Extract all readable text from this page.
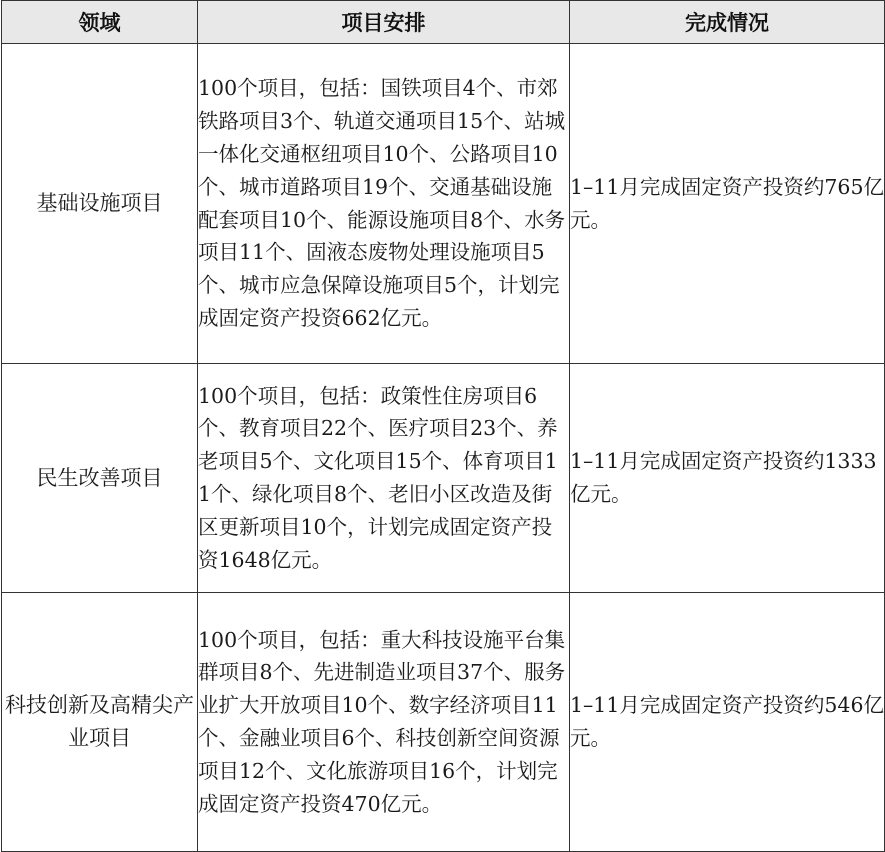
领域	项目安排	完成情况
基础设施项目	100个项目，包括：国铁项目4个、市郊铁路项目3个、轨道交通项目15个、站城一体化交通枢纽项目10个、公路项目10个、城市道路项目19个、交通基础设施配套项目10个、能源设施项目8个、水务项目11个、固液态废物处理设施项目5个、城市应急保障设施项目5个，计划完成固定资产投资662亿元。	1–11月完成固定资产投资约765亿元。
民生改善项目	100个项目，包括：政策性住房项目6个、教育项目22个、医疗项目23个、养老项目5个、文化项目15个、体育项目11个、绿化项目8个、老旧小区改造及街区更新项目10个，计划完成固定资产投资1648亿元。	1–11月完成固定资产投资约1333亿元。
科技创新及高精尖产业项目	100个项目，包括：重大科技设施平台集群项目8个、先进制造业项目37个、服务业扩大开放项目10个、数字经济项目11个、金融业项目6个、科技创新空间资源项目12个、文化旅游项目16个，计划完成固定资产投资470亿元。	1–11月完成固定资产投资约546亿元。
